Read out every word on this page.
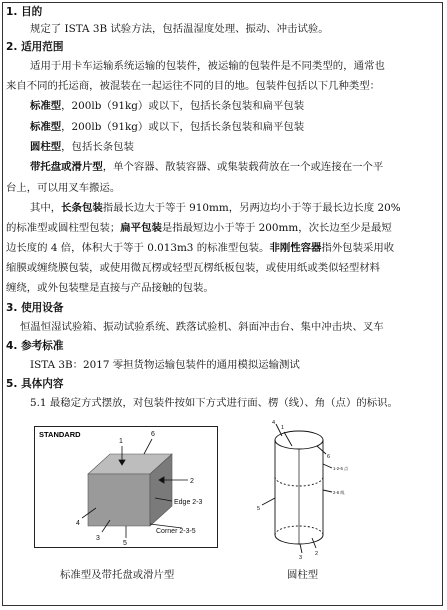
1. 目的
规定了 ISTA 3B 试验方法，包括温湿度处理、振动、冲击试验。
2. 适用范围
适用于用卡车运输系统运输的包装件，被运输的包装件是不同类型的，通常也
来自不同的托运商，被混装在一起运往不同的目的地。包装件包括以下几种类型：
标准型，200lb（91kg）或以下，包括长条包装和扁平包装
标准型，200lb（91kg）或以下，包括长条包装和扁平包装
圆柱型，包括长条包装
带托盘或滑片型，单个容器、散装容器、或集装载荷放在一个或连接在一个平
台上，可以用叉车搬运。
其中，长条包装指最长边大于等于 910mm，另两边均小于等于最长边长度 20%
的标准型或圆柱型包装；扁平包装是指最短边小于等于 200mm，次长边至少是最短
边长度的 4 倍，体积大于等于 0.013m3 的标准型包装。非刚性容器指外包装采用收
缩膜或缠绕膜包装，或使用微瓦楞或轻型瓦楞纸板包装，或使用纸或类似轻型材料
缠绕，或外包装壁是直接与产品接触的包装。
3. 使用设备
恒温恒湿试验箱、振动试验系统、跌落试验机、斜面冲击台、集中冲击块、叉车
4. 参考标准
ISTA 3B：2017 零担货物运输包装件的通用模拟运输测试
5. 具体内容
5.1 最稳定方式摆放，对包装件按如下方式进行面、楞（线）、角（点）的标识。
STANDARD
1
6
2
Edge 2-3
Corner 2-3-5
4
3
5
1
4
6
1-2-6 点
2-6 线
5
2
3
标准型及带托盘或滑片型	圆柱型
